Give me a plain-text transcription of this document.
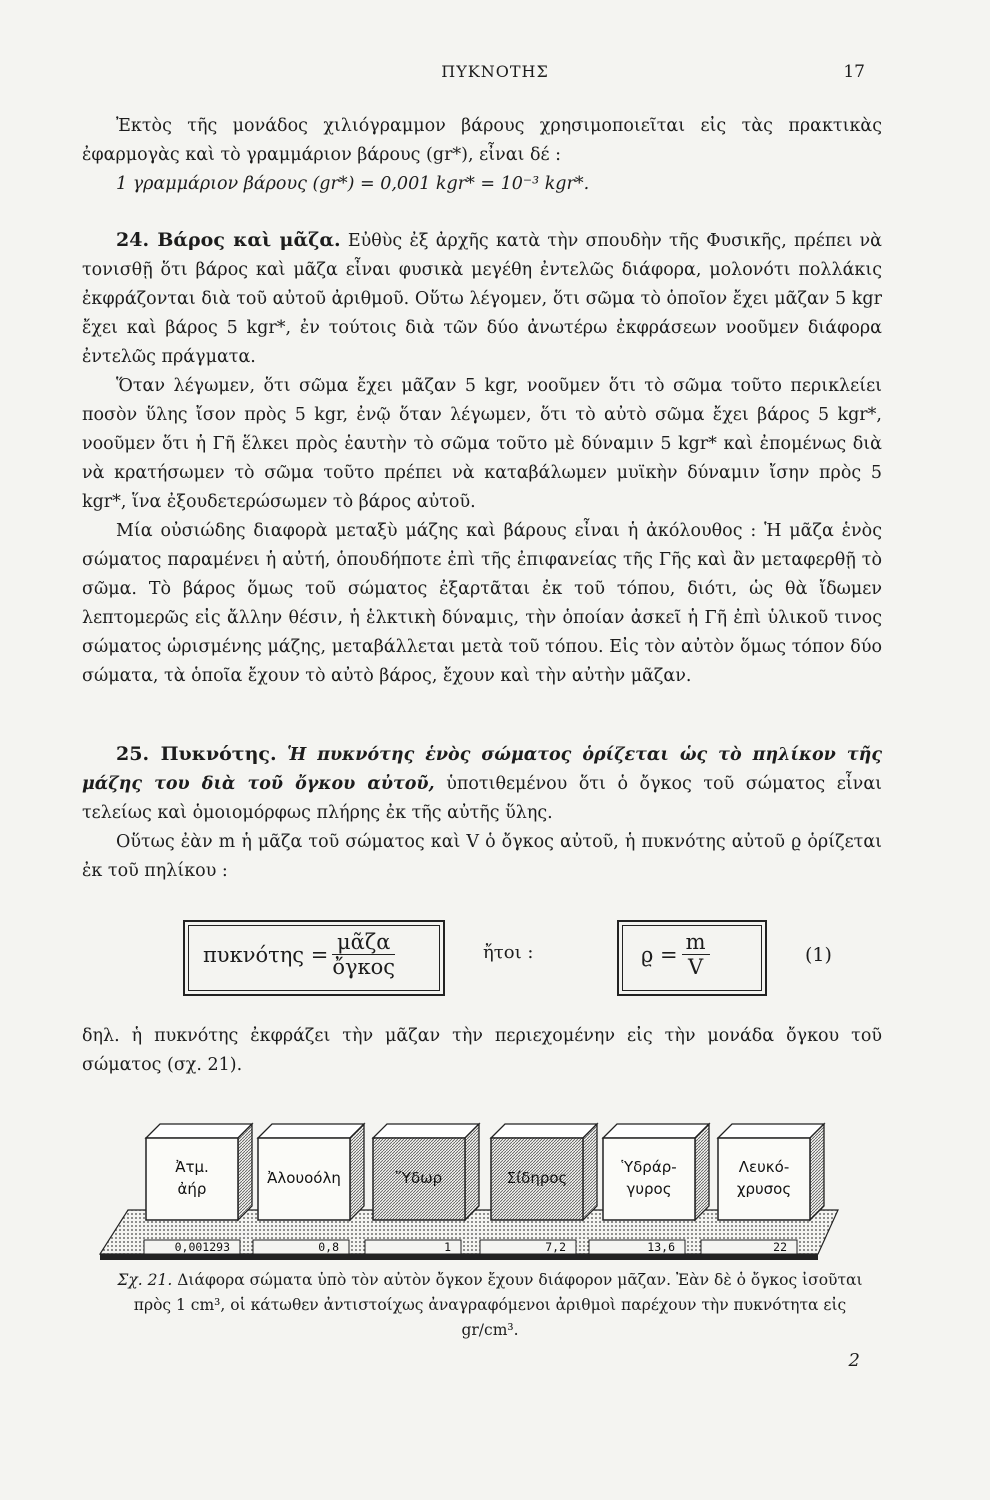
ΠΥΚΝΟΤΗΣ	17

Ἐκτὸς τῆς μονάδος χιλιόγραμμον βάρους χρησιμοποιεῖται εἰς τὰς πρακτικὰς ἐφαρμογὰς καὶ τὸ γραμμάριον βάρους (gr*), εἶναι δέ :

1 γραμμάριον βάρους (gr*) = 0,001 kgr* = 10⁻³ kgr*.

24. Βάρος καὶ μᾶζα. Εὐθὺς ἐξ ἀρχῆς κατὰ τὴν σπουδὴν τῆς Φυσικῆς, πρέπει νὰ τονισθῇ ὅτι βάρος καὶ μᾶζα εἶναι φυσικὰ μεγέθη ἐντελῶς διάφορα, μολονότι πολλάκις ἐκφράζονται διὰ τοῦ αὐτοῦ ἀριθμοῦ. Οὕτω λέγομεν, ὅτι σῶμα τὸ ὁποῖον ἔχει μᾶζαν 5 kgr ἔχει καὶ βάρος 5 kgr*, ἐν τούτοις διὰ τῶν δύο ἀνωτέρω ἐκφράσεων νοοῦμεν διάφορα ἐντελῶς πράγματα.

Ὅταν λέγωμεν, ὅτι σῶμα ἔχει μᾶζαν 5 kgr, νοοῦμεν ὅτι τὸ σῶμα τοῦτο περικλείει ποσὸν ὕλης ἴσον πρὸς 5 kgr, ἐνῷ ὅταν λέγωμεν, ὅτι τὸ αὐτὸ σῶμα ἔχει βάρος 5 kgr*, νοοῦμεν ὅτι ἡ Γῆ ἕλκει πρὸς ἑαυτὴν τὸ σῶμα τοῦτο μὲ δύναμιν 5 kgr* καὶ ἐπομένως διὰ νὰ κρατήσωμεν τὸ σῶμα τοῦτο πρέπει νὰ καταβάλωμεν μυϊκὴν δύναμιν ἴσην πρὸς 5 kgr*, ἵνα ἐξουδετερώσωμεν τὸ βάρος αὐτοῦ.

Μία οὐσιώδης διαφορὰ μεταξὺ μάζης καὶ βάρους εἶναι ἡ ἀκόλουθος : Ἡ μᾶζα ἑνὸς σώματος παραμένει ἡ αὐτή, ὁπουδήποτε ἐπὶ τῆς ἐπιφανείας τῆς Γῆς καὶ ἂν μεταφερθῇ τὸ σῶμα. Τὸ βάρος ὅμως τοῦ σώματος ἐξαρτᾶται ἐκ τοῦ τόπου, διότι, ὡς θὰ ἴδωμεν λεπτομερῶς εἰς ἄλλην θέσιν, ἡ ἑλκτικὴ δύναμις, τὴν ὁποίαν ἀσκεῖ ἡ Γῆ ἐπὶ ὑλικοῦ τινος σώματος ὡρισμένης μάζης, μεταβάλλεται μετὰ τοῦ τόπου. Εἰς τὸν αὐτὸν ὅμως τόπον δύο σώματα, τὰ ὁποῖα ἔχουν τὸ αὐτὸ βάρος, ἔχουν καὶ τὴν αὐτὴν μᾶζαν.

25. Πυκνότης. Ἡ πυκνότης ἑνὸς σώματος ὁρίζεται ὡς τὸ πηλίκον τῆς μάζης του διὰ τοῦ ὄγκου αὐτοῦ, ὑποτιθεμένου ὅτι ὁ ὄγκος τοῦ σώματος εἶναι τελείως καὶ ὁμοιομόρφως πλήρης ἐκ τῆς αὐτῆς ὕλης.

Οὕτως ἐὰν m ἡ μᾶζα τοῦ σώματος καὶ V ὁ ὄγκος αὐτοῦ, ἡ πυκνότης αὐτοῦ ϱ ὁρίζεται ἐκ τοῦ πηλίκου :

$\pi\upsilon\kappa\nu ό\tau\eta\varsigma = \frac{\text{μᾶζα}}{\text{ὄγκος}}$	ἤτοι :	$ϱ = \frac{m}{V}$	(1)

δηλ. ἡ πυκνότης ἐκφράζει τὴν μᾶζαν τὴν περιεχομένην εἰς τὴν μονάδα ὄγκου τοῦ σώματος (σχ. 21).

Ἀτμ.
ἀήρ
0,001293
Ἀλουοόλη
0,8
Ὕδωρ
1
Σίδηρος
7,2
Ὑδράρ-
γυρος
13,6
Λευκό-
χρυσος
22
Σχ. 21. Διάφορα σώματα ὑπὸ τὸν αὐτὸν ὄγκον ἔχουν διάφορον μᾶζαν. Ἐὰν δὲ ὁ ὄγκος ἰσοῦται πρὸς 1 cm³, οἱ κάτωθεν ἀντιστοίχως ἀναγραφόμενοι ἀριθμοὶ παρέχουν τὴν πυκνότητα εἰς gr/cm³.
2
